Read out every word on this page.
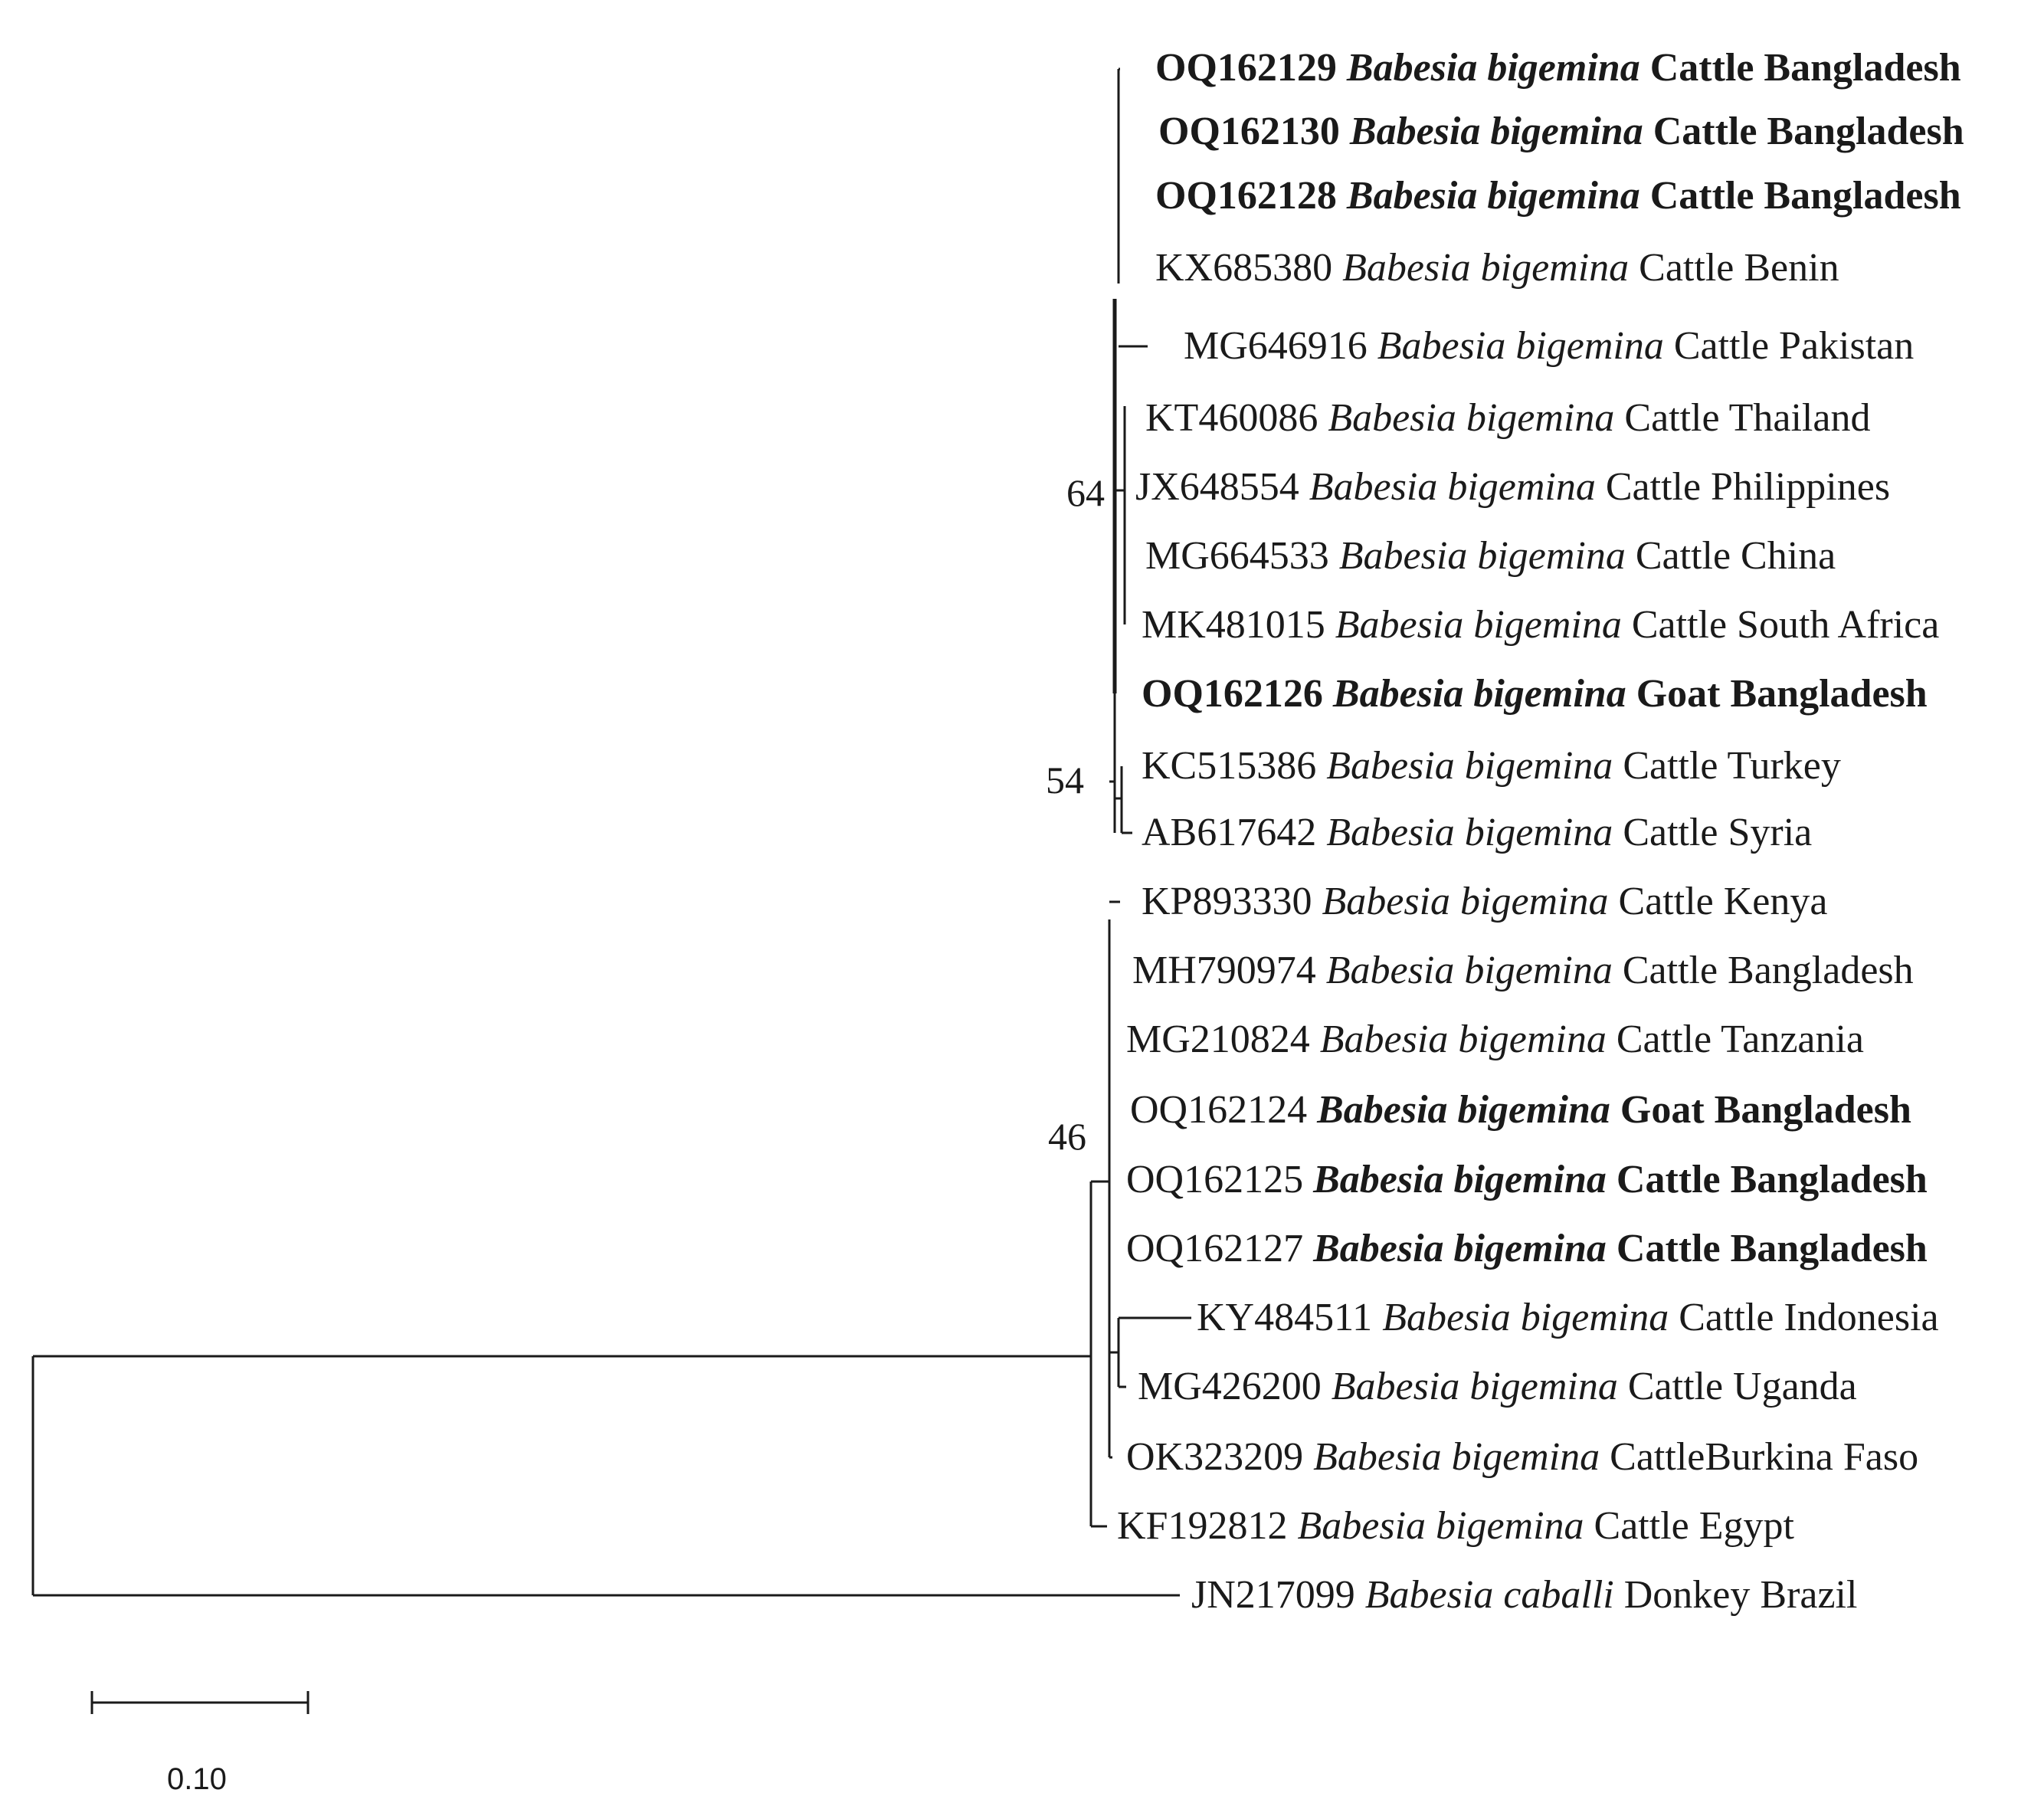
64
54
46
OQ162129 Babesia bigemina Cattle Bangladesh
OQ162130 Babesia bigemina Cattle Bangladesh
OQ162128 Babesia bigemina Cattle Bangladesh
KX685380 Babesia bigemina Cattle Benin
MG646916 Babesia bigemina Cattle Pakistan
KT460086 Babesia bigemina Cattle Thailand
JX648554 Babesia bigemina Cattle Philippines
MG664533 Babesia bigemina Cattle China
MK481015 Babesia bigemina Cattle South Africa
OQ162126 Babesia bigemina Goat Bangladesh
KC515386 Babesia bigemina Cattle Turkey
AB617642 Babesia bigemina Cattle Syria
KP893330 Babesia bigemina Cattle Kenya
MH790974 Babesia bigemina Cattle Bangladesh
MG210824 Babesia bigemina Cattle Tanzania
OQ162124 Babesia bigemina Goat Bangladesh
OQ162125 Babesia bigemina Cattle Bangladesh
OQ162127 Babesia bigemina Cattle Bangladesh
KY484511 Babesia bigemina Cattle Indonesia
MG426200 Babesia bigemina Cattle Uganda
OK323209 Babesia bigemina CattleBurkina Faso
KF192812 Babesia bigemina Cattle Egypt
JN217099 Babesia caballi Donkey Brazil
0.10
